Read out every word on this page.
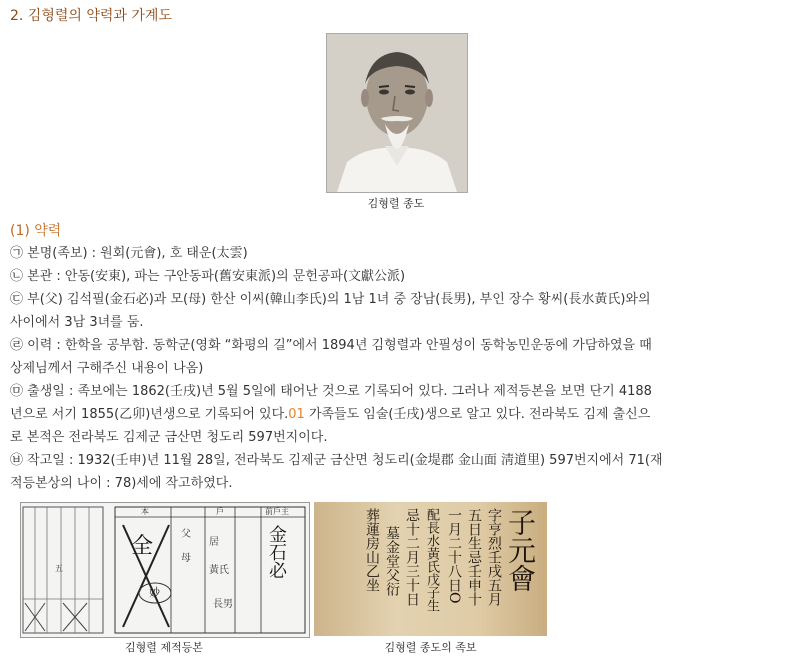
2. 김형렬의 약력과 가계도
김형렬 종도
(1) 약력
㉠ 본명(족보) : 원회(元會), 호 태운(太雲)
㉡ 본관 : 안동(安東), 파는 구안동파(舊安東派)의 문헌공파(文獻公派)
㉢ 부(父) 김석필(金石必)과 모(母) 한산 이씨(韓山李氏)의 1남 1녀 중 장남(長男), 부인 장수 황씨(長水黃氏)와의
사이에서 3남 3녀를 둠.
㉣ 이력 : 한학을 공부함. 동학군(영화 “화평의 길”에서 1894년 김형렬과 안필성이 동학농민운동에 가담하였을 때
상제님께서 구해주신 내용이 나옴)
㉤ 출생일 : 족보에는 1862(壬戌)년 5월 5일에 태어난 것으로 기록되어 있다. 그러나 제적등본을 보면 단기 4188
년으로 서기 1855(乙卯)년생으로 기록되어 있다.01 가족들도 임술(壬戌)생으로 알고 있다. 전라북도 김제 출신으
로 본적은 전라북도 김제군 금산면 청도리 597번지이다.
㉥ 작고일 : 1932(壬申)년 11월 28일, 전라북도 김제군 금산면 청도리(金堤郡 金山面 淸道里) 597번지에서 71(재
적등본상의 나이 : 78)세에 작고하였다.
本	戶	前戶主
全
妙
金石必
父
母
長男
居
黃氏
五
김형렬 제적등본
子元會
字亨烈壬戌五月
五日生忌壬申十
一月二十八日O
配長水黃氏戊子生
忌十二月三十日
墓金堂父衍
葬蓮房山乙坐
김형렬 종도의 족보
